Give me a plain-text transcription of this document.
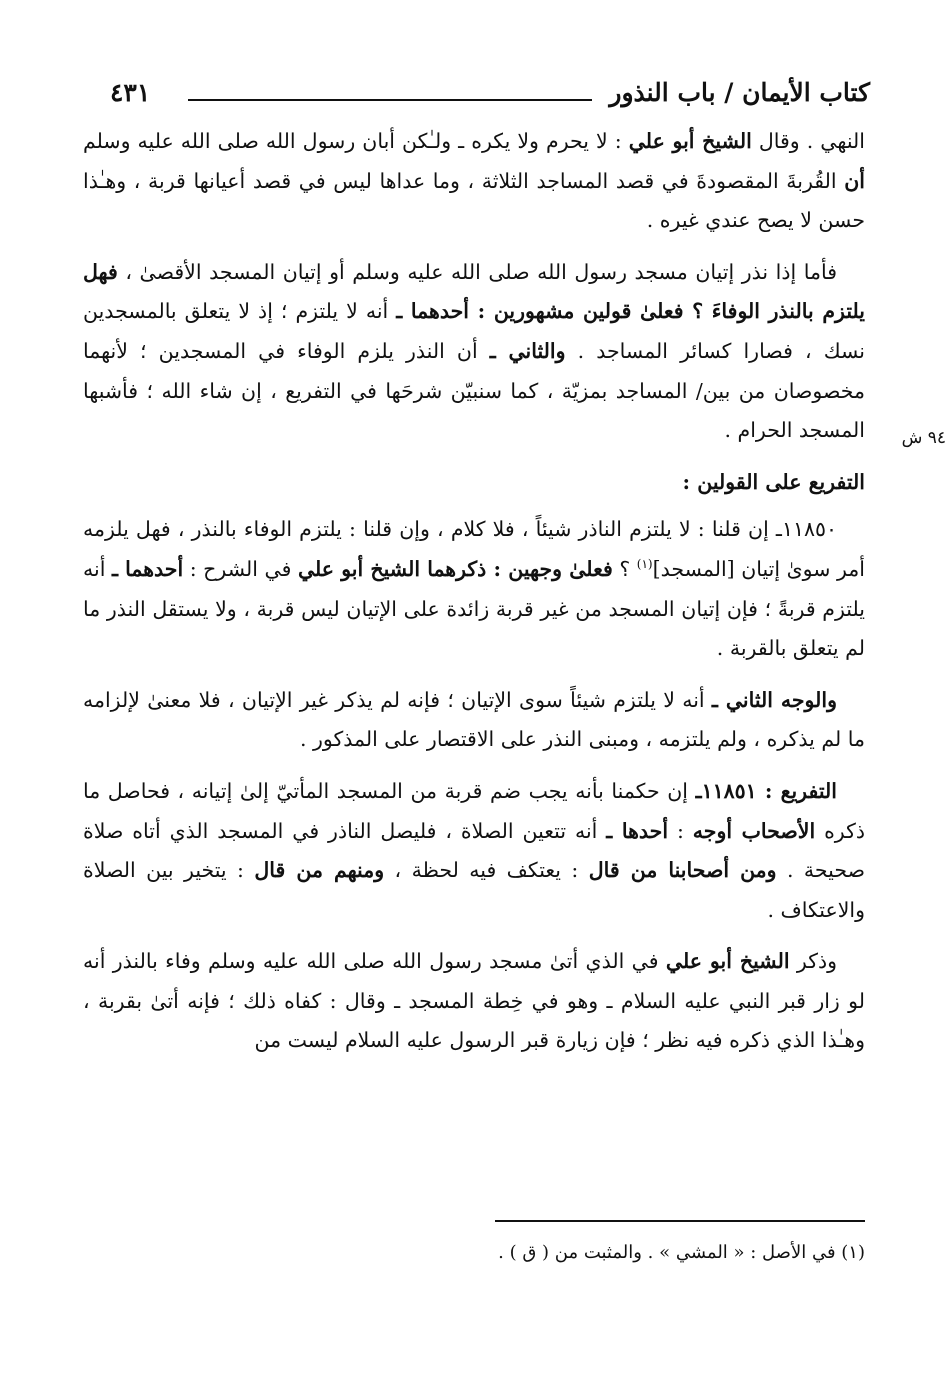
كتاب الأيمان / باب النذور
٤٣١
٩٤ ش

النهي . وقال الشيخ أبو علي : لا يحرم ولا يكره ـ ولـٰكن أبان رسول الله صلى الله عليه وسلم أن القُربةَ المقصودةَ في قصد المساجد الثلاثة ، وما عداها ليس في قصد أعيانها قربة ، وهـٰذا حسن لا يصح عندي غيره .

فأما إذا نذر إتيان مسجد رسول الله صلى الله عليه وسلم أو إتيان المسجد الأقصىٰ ، فهل يلتزم بالنذر الوفاءَ ؟ فعلىٰ قولين مشهورين : أحدهما ـ أنه لا يلتزم ؛ إذ لا يتعلق بالمسجدين نسك ، فصارا كسائر المساجد . والثاني ـ أن النذر يلزم الوفاء في المسجدين ؛ لأنهما مخصوصان من بين/ المساجد بمزيّة ، كما سنبيّن شرحَها في التفريع ، إن شاء الله ؛ فأشبها المسجد الحرام .

التفريع على القولين :

١١٨٥٠ـ إن قلنا : لا يلتزم الناذر شيئاً ، فلا كلام ، وإن قلنا : يلتزم الوفاء بالنذر ، فهل يلزمه أمر سوىٰ إتيان [المسجد]$^{(١)}$ ؟ فعلىٰ وجهين : ذكرهما الشيخ أبو علي في الشرح : أحدهما ـ أنه يلتزم قربةً ؛ فإن إتيان المسجد من غير قربة زائدة على الإتيان ليس قربة ، ولا يستقل النذر ما لم يتعلق بالقربة .

والوجه الثاني ـ أنه لا يلتزم شيئاً سوى الإتيان ؛ فإنه لم يذكر غير الإتيان ، فلا معنىٰ لإلزامه ما لم يذكره ، ولم يلتزمه ، ومبنى النذر على الاقتصار على المذكور .

التفريع : ١١٨٥١ـ إن حكمنا بأنه يجب ضم قربة من المسجد المأتيّ إلىٰ إتيانه ، فحاصل ما ذكره الأصحاب أوجه : أحدها ـ أنه تتعين الصلاة ، فليصل الناذر في المسجد الذي أتاه صلاة صحيحة . ومن أصحابنا من قال : يعتكف فيه لحظة ، ومنهم من قال : يتخير بين الصلاة والاعتكاف .

وذكر الشيخ أبو علي في الذي أتىٰ مسجد رسول الله صلى الله عليه وسلم وفاء بالنذر أنه لو زار قبر النبي عليه السلام ـ وهو في خِطة المسجد ـ وقال : كفاه ذلك ؛ فإنه أتىٰ بقربة ، وهـٰذا الذي ذكره فيه نظر ؛ فإن زيارة قبر الرسول عليه السلام ليست من

(١) في الأصل : « المشي » . والمثبت من ( ق ) .
